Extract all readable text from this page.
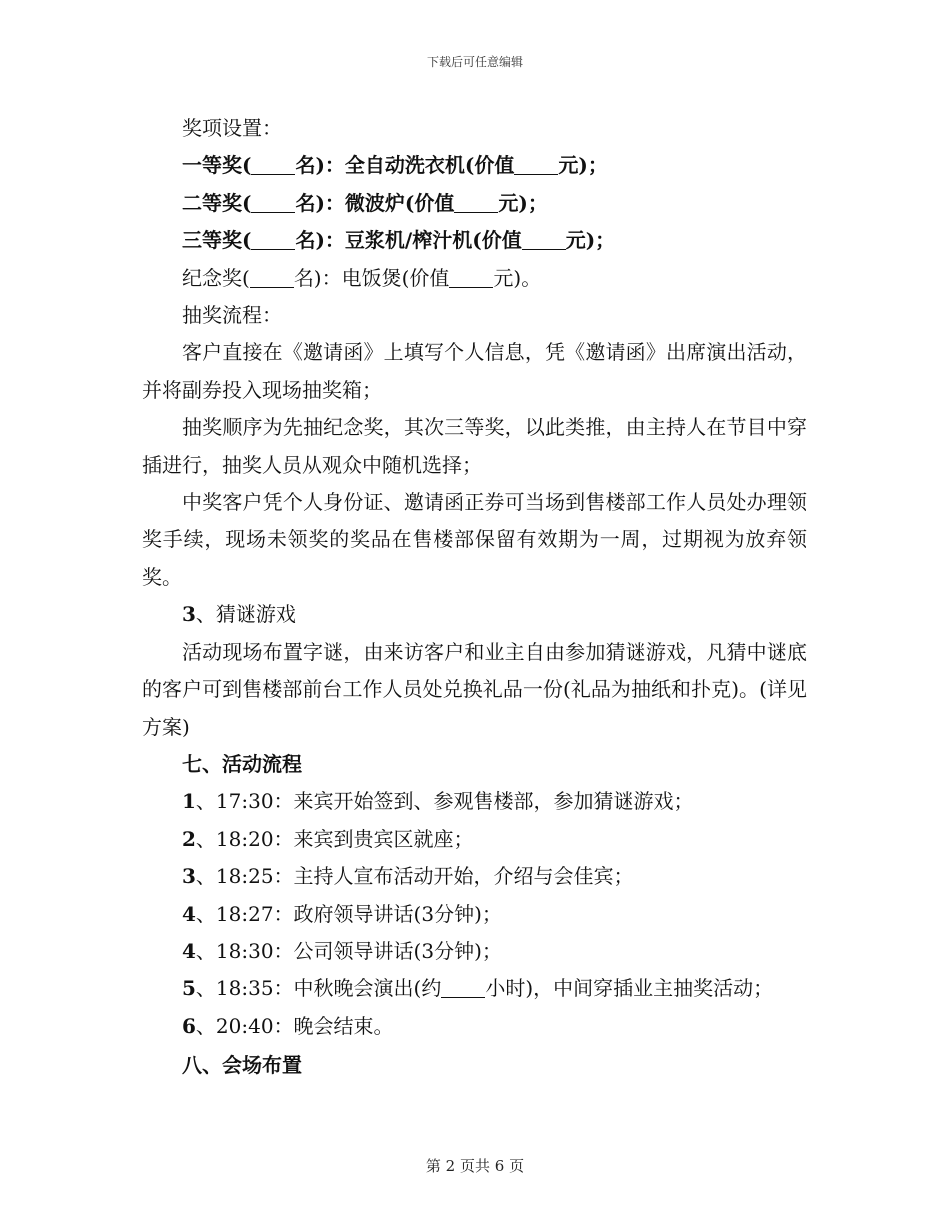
下载后可任意编辑

奖项设置：

一等奖( 名)：全自动洗衣机(价值 元)；

二等奖( 名)：微波炉(价值 元)；

三等奖( 名)：豆浆机/榨汁机(价值 元)；

纪念奖( 名)：电饭煲(价值 元)。

抽奖流程：

客户直接在《邀请函》上填写个人信息，凭《邀请函》出席演出活动，并将副券投入现场抽奖箱；

抽奖顺序为先抽纪念奖，其次三等奖，以此类推，由主持人在节目中穿插进行，抽奖人员从观众中随机选择；

中奖客户凭个人身份证、邀请函正券可当场到售楼部工作人员处办理领奖手续，现场未领奖的奖品在售楼部保留有效期为一周，过期视为放弃领奖。

3、猜谜游戏

活动现场布置字谜，由来访客户和业主自由参加猜谜游戏，凡猜中谜底的客户可到售楼部前台工作人员处兑换礼品一份(礼品为抽纸和扑克)。(详见方案)

七、活动流程

1、17:30：来宾开始签到、参观售楼部，参加猜谜游戏；

2、18:20：来宾到贵宾区就座；

3、18:25：主持人宣布活动开始，介绍与会佳宾；

4、18:27：政府领导讲话(3分钟)；

4、18:30：公司领导讲话(3分钟)；

5、18:35：中秋晚会演出(约 小时)，中间穿插业主抽奖活动；

6、20:40：晚会结束。

八、会场布置

第 2 页共 6 页
